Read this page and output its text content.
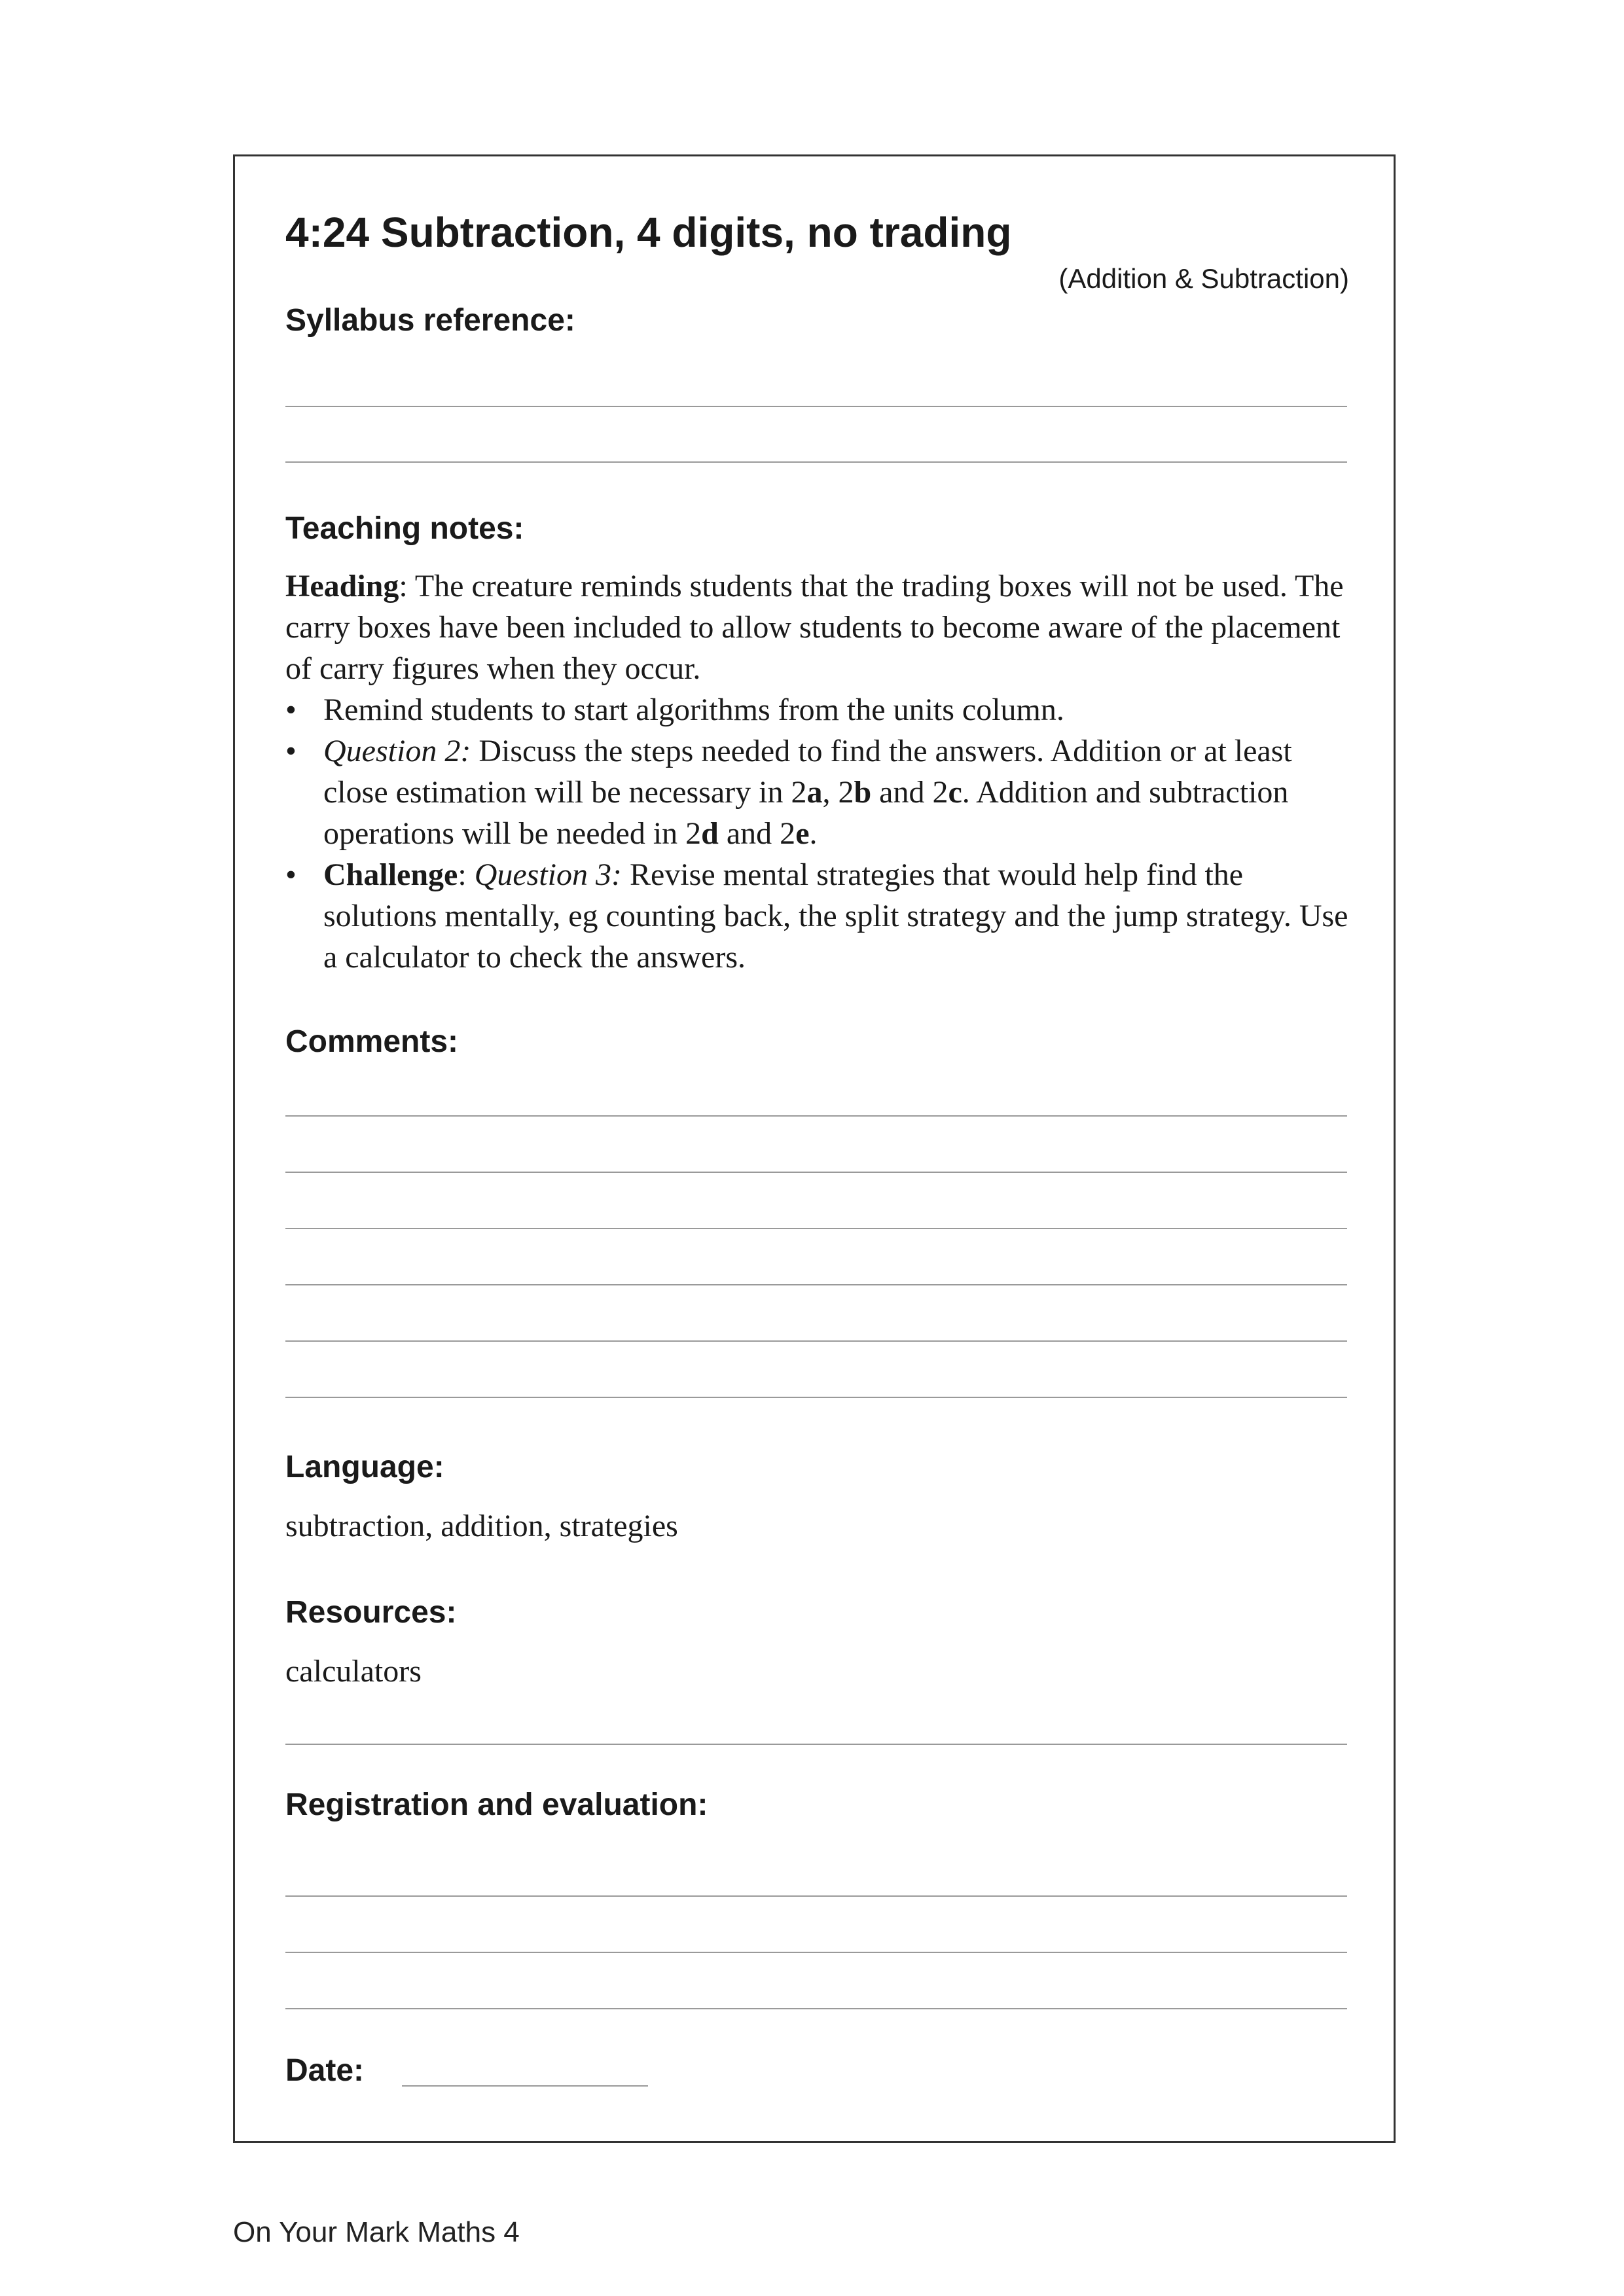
4:24 Subtraction, 4 digits, no trading
(Addition & Subtraction)
Syllabus reference:
Teaching notes:

Heading: The creature reminds students that the trading boxes will not be used. The carry boxes have been included to allow students to become aware of the placement of carry figures when they occur.

• Remind students to start algorithms from the units column.
• Question 2: Discuss the steps needed to find the answers. Addition or at least close estimation will be necessary in 2a, 2b and 2c. Addition and subtraction operations will be needed in 2d and 2e.
• Challenge: Question 3: Revise mental strategies that would help find the solutions mentally, eg counting back, the split strategy and the jump strategy. Use a calculator to check the answers.
Comments:
Language:
subtraction, addition, strategies
Resources:
calculators
Registration and evaluation:
Date:
On Your Mark Maths 4
